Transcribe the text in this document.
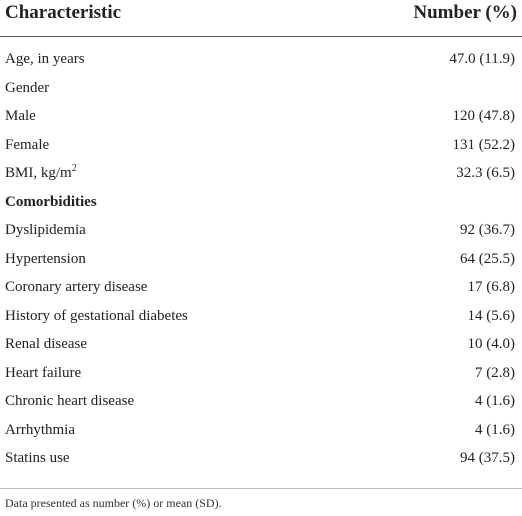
Characteristic	Number (%)
Age, in years	47.0 (11.9)
Gender
Male	120 (47.8)
Female	131 (52.2)
BMI, $kg/m^2$	32.3 (6.5)
Comorbidities
Dyslipidemia	92 (36.7)
Hypertension	64 (25.5)
Coronary artery disease	17 (6.8)
History of gestational diabetes	14 (5.6)
Renal disease	10 (4.0)
Heart failure	7 (2.8)
Chronic heart disease	4 (1.6)
Arrhythmia	4 (1.6)
Statins use	94 (37.5)
Data presented as number (%) or mean (SD).
